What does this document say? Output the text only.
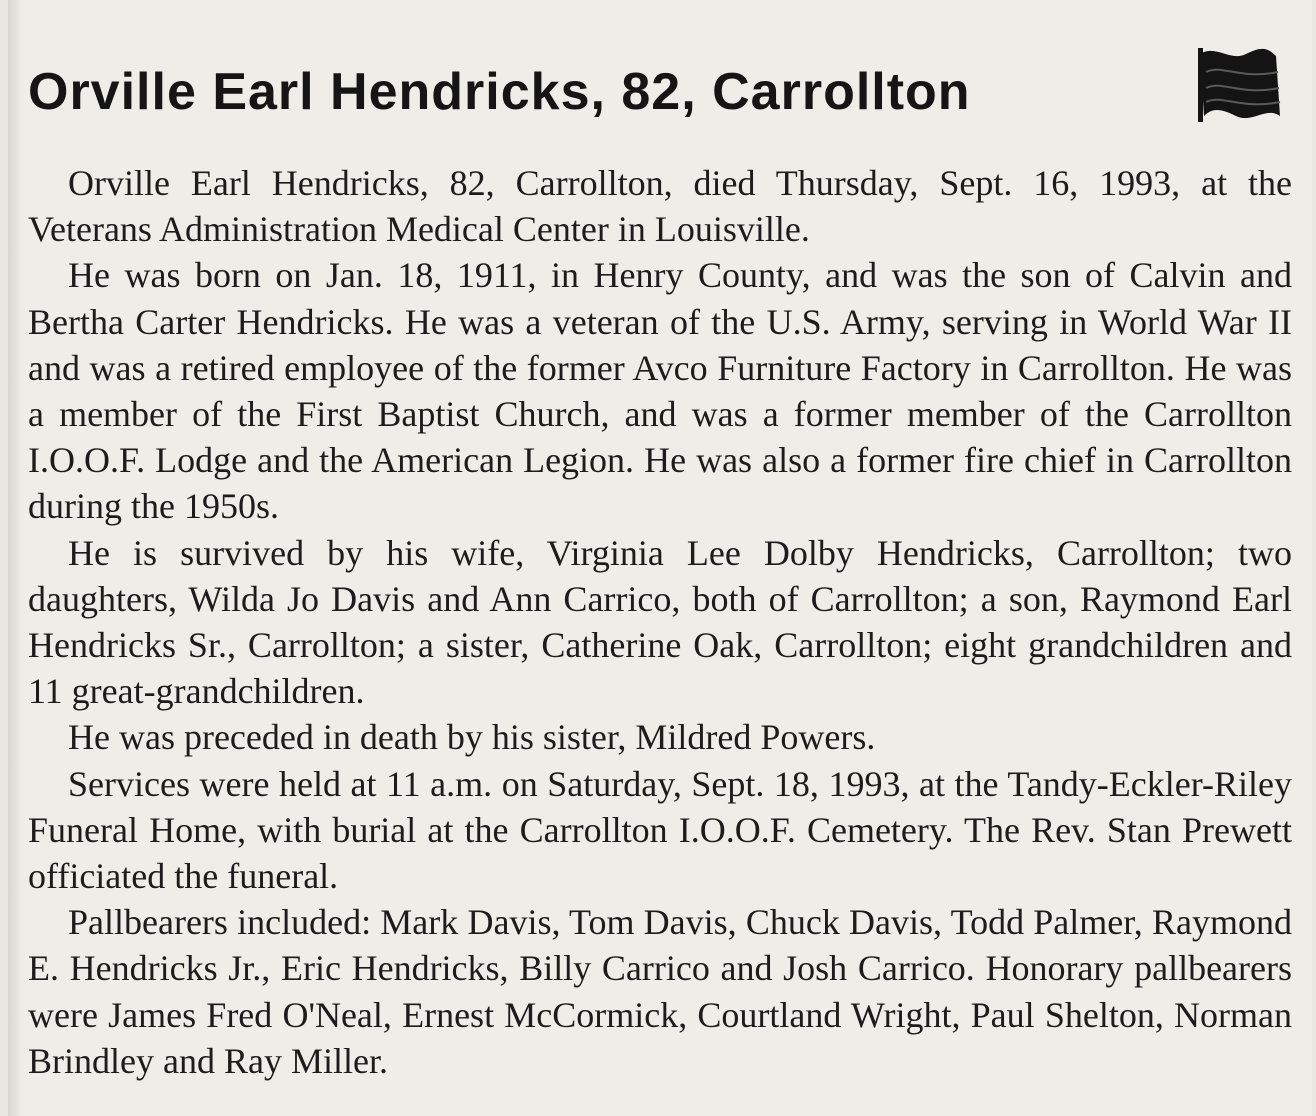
Orville Earl Hendricks, 82, Carrollton

Orville Earl Hendricks, 82, Carrollton, died Thursday, Sept. 16, 1993, at the Veterans Administration Medical Center in Louisville.

He was born on Jan. 18, 1911, in Henry County, and was the son of Calvin and Bertha Carter Hendricks. He was a veteran of the U.S. Army, serving in World War II and was a retired employee of the former Avco Furniture Factory in Carrollton. He was a member of the First Baptist Church, and was a former member of the Carrollton I.O.O.F. Lodge and the American Legion. He was also a former fire chief in Carrollton during the 1950s.

He is survived by his wife, Virginia Lee Dolby Hendricks, Carrollton; two daughters, Wilda Jo Davis and Ann Carrico, both of Carrollton; a son, Raymond Earl Hendricks Sr., Carrollton; a sister, Catherine Oak, Carrollton; eight grandchildren and 11 great-grandchildren.

He was preceded in death by his sister, Mildred Powers.

Services were held at 11 a.m. on Saturday, Sept. 18, 1993, at the Tandy-Eckler-Riley Funeral Home, with burial at the Carrollton I.O.O.F. Cemetery. The Rev. Stan Prewett officiated the funeral.

Pallbearers included: Mark Davis, Tom Davis, Chuck Davis, Todd Palmer, Raymond E. Hendricks Jr., Eric Hendricks, Billy Carrico and Josh Carrico. Honorary pallbearers were James Fred O'Neal, Ernest McCormick, Courtland Wright, Paul Shelton, Norman Brindley and Ray Miller.
